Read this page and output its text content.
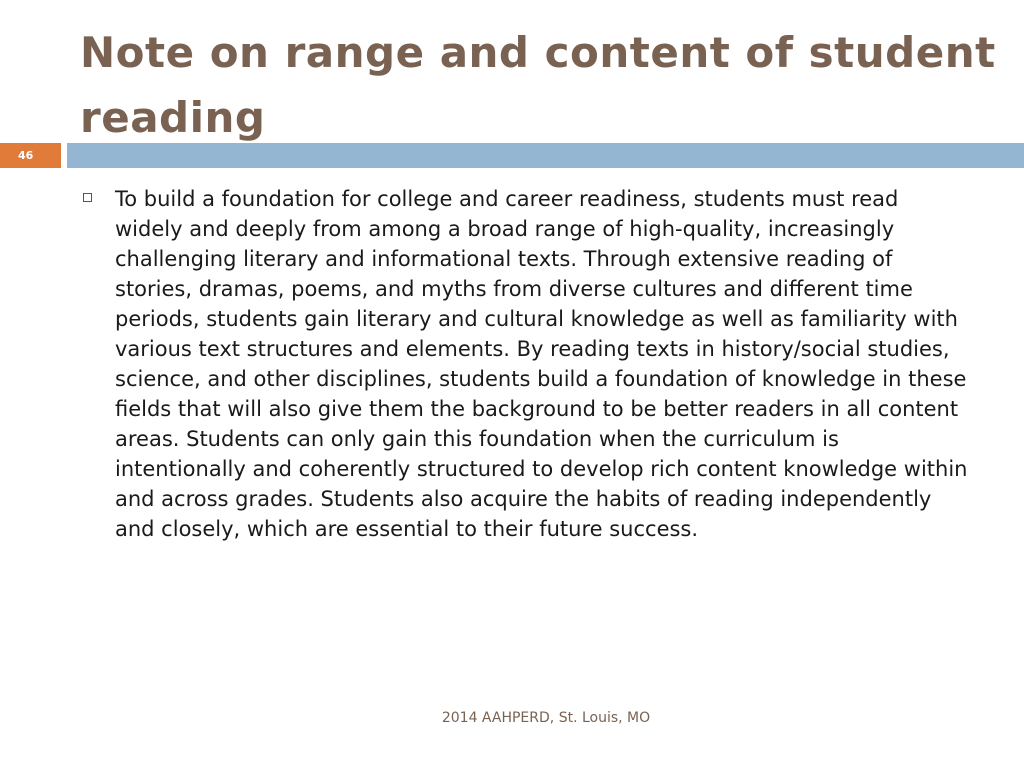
Note on range and content of student reading
46
To build a foundation for college and career readiness, students must read widely and deeply from among a broad range of high-quality, increasingly challenging literary and informational texts. Through extensive reading of stories, dramas, poems, and myths from diverse cultures and different time periods, students gain literary and cultural knowledge as well as familiarity with various text structures and elements. By reading texts in history/social studies, science, and other disciplines, students build a foundation of knowledge in these fields that will also give them the background to be better readers in all content areas. Students can only gain this foundation when the curriculum is intentionally and coherently structured to develop rich content knowledge within and across grades. Students also acquire the habits of reading independently and closely, which are essential to their future success.
2014 AAHPERD, St. Louis, MO
